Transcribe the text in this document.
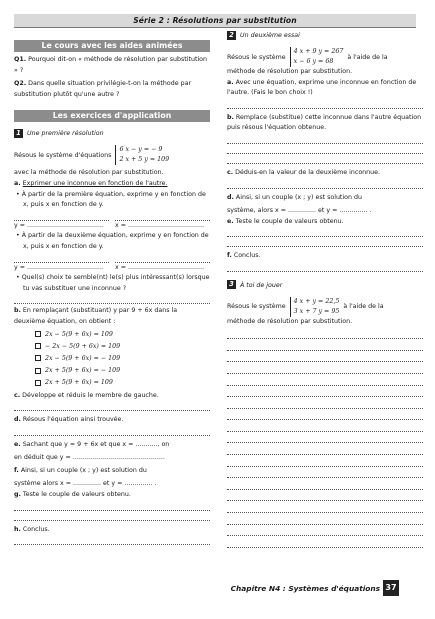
Série 2 : Résolutions par substitution
Le cours avec les aides animées

Q1. Pourquoi dit-on « méthode de résolution par substitution » ?

Q2. Dans quelle situation privilégie-t-on la méthode par substitution plutôt qu'une autre ?

Les exercices d'application
1 Une première résolution
Résous le système d'équations
6 x − y = − 9
2 x + 5 y = 109

avec la méthode de résolution par substitution.

a. Exprimer une inconnue en fonction de l'autre.

• À partir de la première équation, exprime y en fonction de x, puis x en fonction de y.

y = ......................................	x = ......................................

• À partir de la deuxième équation, exprime y en fonction de x, puis x en fonction de y.

y = ......................................	x = ......................................

• Quel(s) choix te semble(nt) le(s) plus intéressant(s) lorsque tu vas substituer une inconnue ?

b. En remplaçant (substituant) y par 9 + 6x dans la deuxième équation, on obtient :

2x − 5(9 + 6x) = 109
− 2x − 5(9 + 6x) = 109
2x − 5(9 + 6x) = − 109
2x + 5(9 + 6x) = − 109
2x + 5(9 + 6x) = 109

c. Développe et réduis le membre de gauche.

d. Résous l'équation ainsi trouvée.

e. Sachant que y = 9 + 6x et que x = ..........., on

en déduit que y = ..............................................

f. Ainsi, si un couple (x ; y) est solution du

système alors x = .............. et y = .............. .

g. Teste le couple de valeurs obtenu.

h. Conclus.

2 Un deuxième essai
Résous le système
4 x + 9 y = 267
x − 6 y = 68
à l'aide de la

méthode de résolution par substitution.

a. Avec une équation, exprime une inconnue en fonction de l'autre. (Fais le bon choix !)

b. Remplace (substitue) cette inconnue dans l'autre équation puis résous l'équation obtenue.

c. Déduis-en la valeur de la deuxième inconnue.

d. Ainsi, si un couple (x ; y) est solution du

système, alors x = .............. et y = .............. .

e. Teste le couple de valeurs obtenu.

f. Conclus.

3 À toi de jouer
Résous le système
4 x + y = 22,5
3 x + 7 y = 95
à l'aide de la

méthode de résolution par substitution.

Chapitre N4 : Systèmes d'équations 37
